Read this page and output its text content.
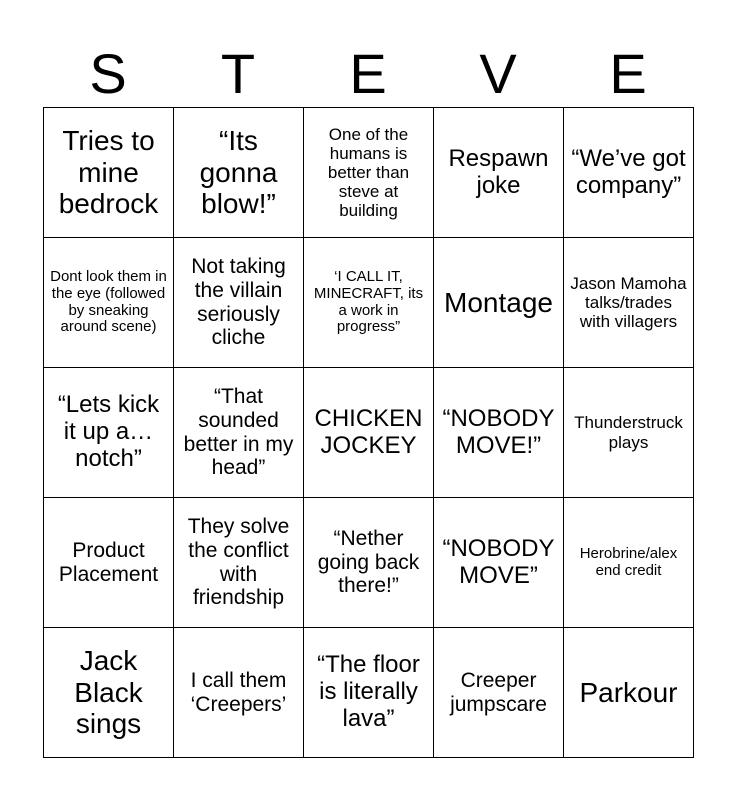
S	T	E	V	E
Tries to mine bedrock	“Its gonna blow!”	One of the humans is better than steve at building	Respawn joke	“We’ve got company”
Dont look them in the eye (followed by sneaking around scene)	Not taking the villain seriously cliche	‘I CALL IT, MINECRAFT, its a work in progress”	Montage	Jason Mamoha talks/trades with villagers
“Lets kick it up a… notch”	“That sounded better in my head”	CHICKEN JOCKEY	“NOBODY MOVE!”	Thunderstruck plays
Product Placement	They solve the conflict with friendship	“Nether going back there!”	“NOBODY MOVE”	Herobrine/alex end credit
Jack Black sings	I call them ‘Creepers’	“The floor is literally lava”	Creeper jumpscare	Parkour
